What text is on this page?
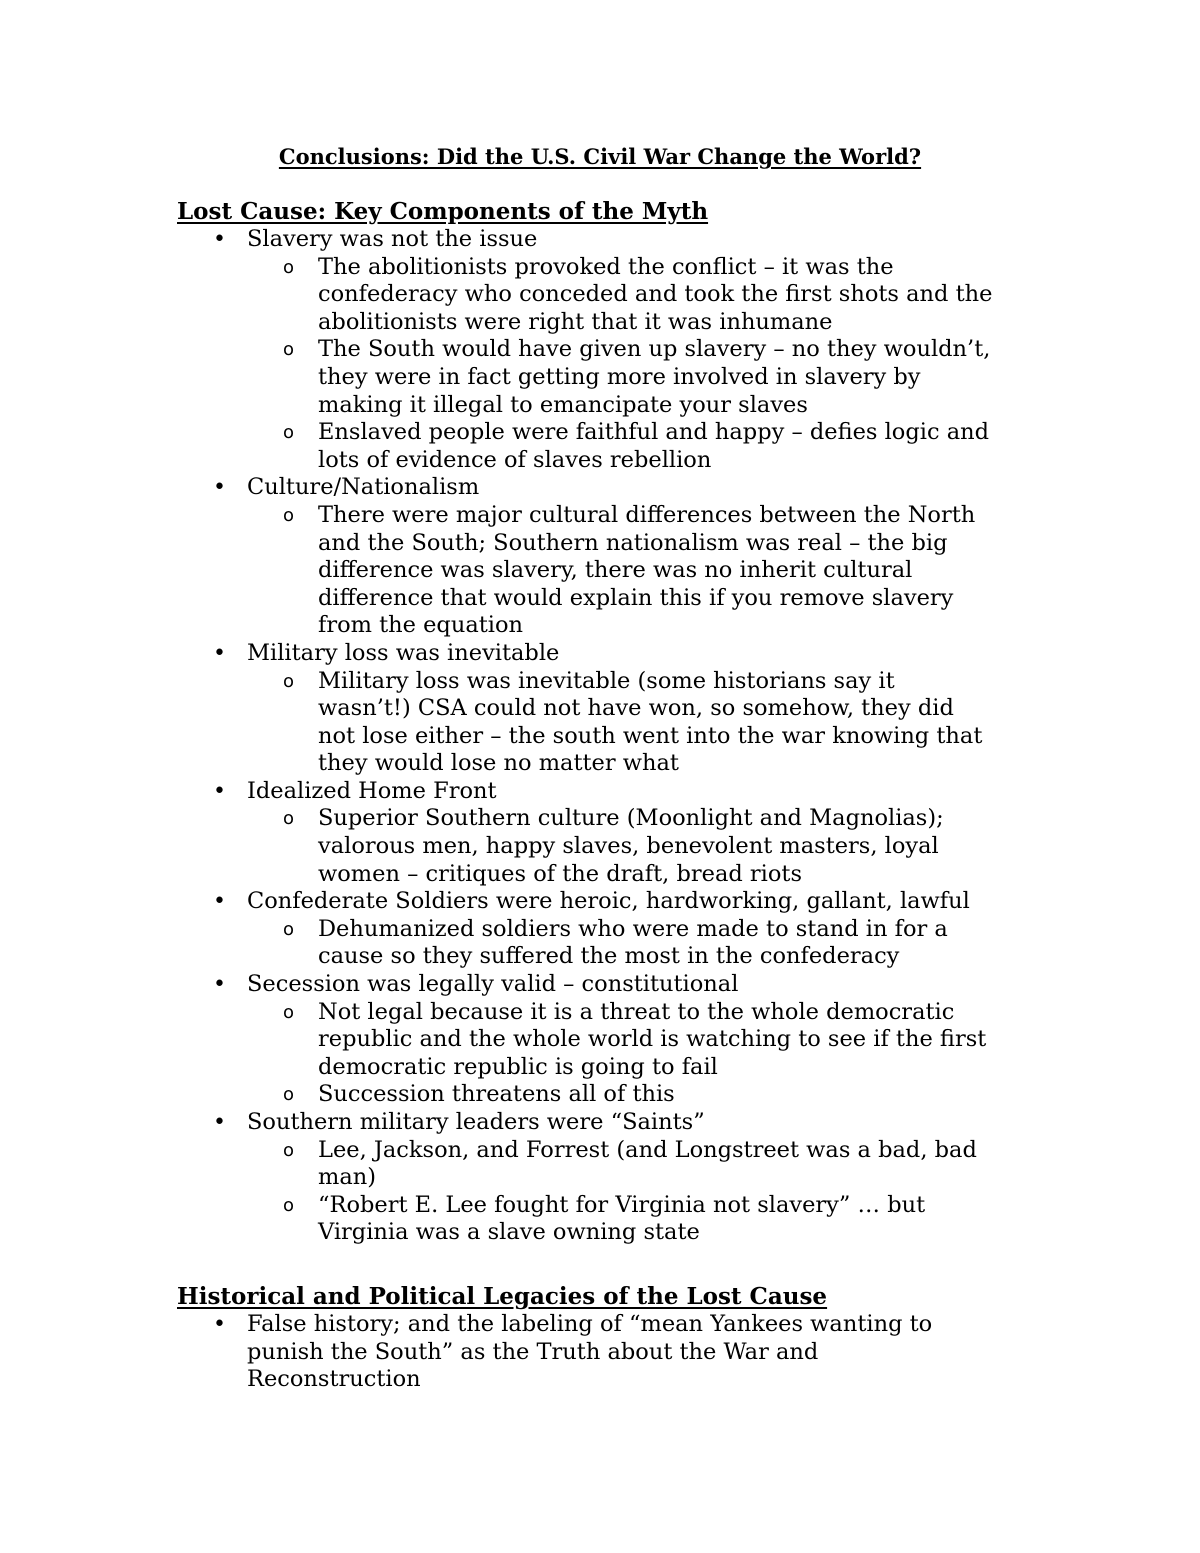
Conclusions: Did the U.S. Civil War Change the World?
Lost Cause: Key Components of the Myth
• Slavery was not the issue
o The abolitionists provoked the conflict – it was the
confederacy who conceded and took the first shots and the
abolitionists were right that it was inhumane
o The South would have given up slavery – no they wouldn’t,
they were in fact getting more involved in slavery by
making it illegal to emancipate your slaves
o Enslaved people were faithful and happy – defies logic and
lots of evidence of slaves rebellion
• Culture/Nationalism
o There were major cultural differences between the North
and the South; Southern nationalism was real – the big
difference was slavery, there was no inherit cultural
difference that would explain this if you remove slavery
from the equation
• Military loss was inevitable
o Military loss was inevitable (some historians say it
wasn’t!) CSA could not have won, so somehow, they did
not lose either – the south went into the war knowing that
they would lose no matter what
• Idealized Home Front
o Superior Southern culture (Moonlight and Magnolias);
valorous men, happy slaves, benevolent masters, loyal
women – critiques of the draft, bread riots
• Confederate Soldiers were heroic, hardworking, gallant, lawful
o Dehumanized soldiers who were made to stand in for a
cause so they suffered the most in the confederacy
• Secession was legally valid – constitutional
o Not legal because it is a threat to the whole democratic
republic and the whole world is watching to see if the first
democratic republic is going to fail
o Succession threatens all of this
• Southern military leaders were “Saints”
o Lee, Jackson, and Forrest (and Longstreet was a bad, bad
man)
o “Robert E. Lee fought for Virginia not slavery” … but
Virginia was a slave owning state
Historical and Political Legacies of the Lost Cause
• False history; and the labeling of “mean Yankees wanting to
punish the South” as the Truth about the War and
Reconstruction
